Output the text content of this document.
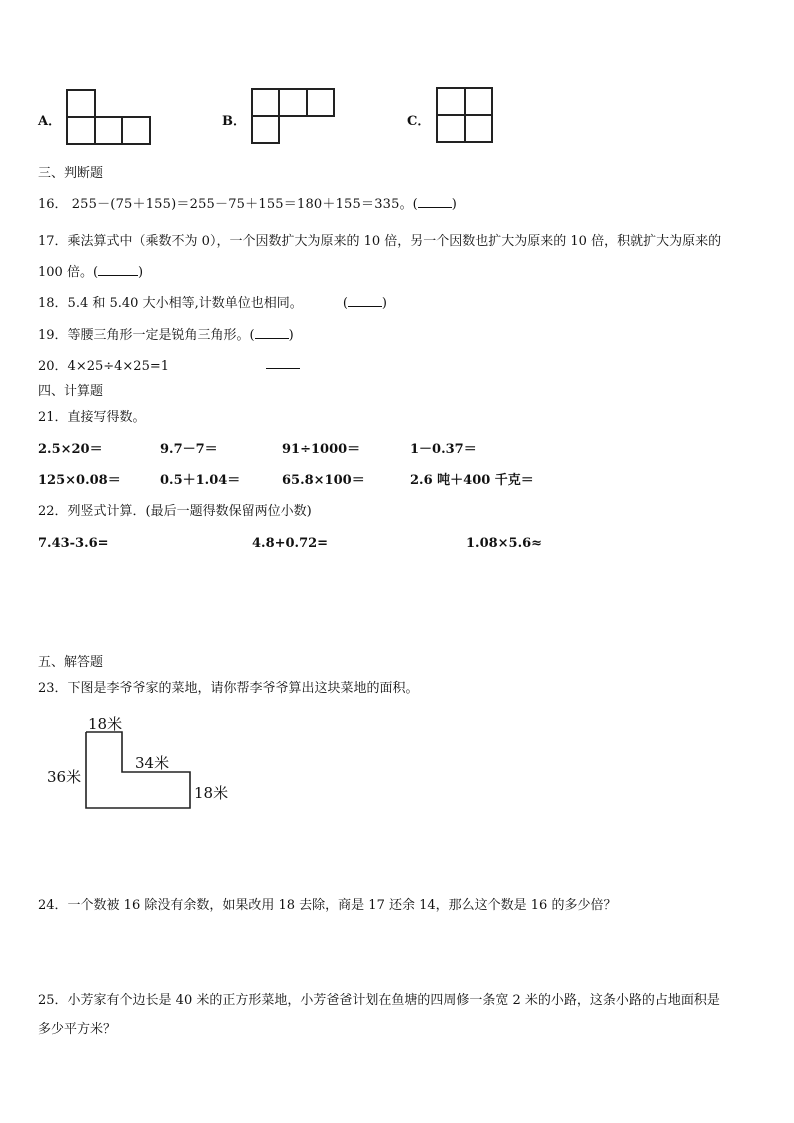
A．	B．	C．
三、判断题
16． 255－(75＋155)＝255－75＋155＝180＋155＝335。(	)
17．乘法算式中（乘数不为 0），一个因数扩大为原来的 10 倍，另一个因数也扩大为原来的 10 倍，积就扩大为原来的
100 倍。(	)
18．5.4 和 5.40 大小相等,计数单位也相同。	(	)
19．等腰三角形一定是锐角三角形。(	)
20．4×25÷4×25=1
四、计算题
21．直接写得数。
2.5×20＝	9.7－7＝	91÷1000＝	1－0.37＝
125×0.08＝	0.5＋1.04＝	65.8×100＝	2.6 吨＋400 千克＝
22．列竖式计算．(最后一题得数保留两位小数)
7.43-3.6=	4.8+0.72=	1.08×5.6≈
五、解答题
23．下图是李爷爷家的菜地，请你帮李爷爷算出这块菜地的面积。
18米
36米
34米
18米
24．一个数被 16 除没有余数，如果改用 18 去除，商是 17 还余 14，那么这个数是 16 的多少倍？
25．小芳家有个边长是 40 米的正方形菜地，小芳爸爸计划在鱼塘的四周修一条宽 2 米的小路，这条小路的占地面积是
多少平方米？
